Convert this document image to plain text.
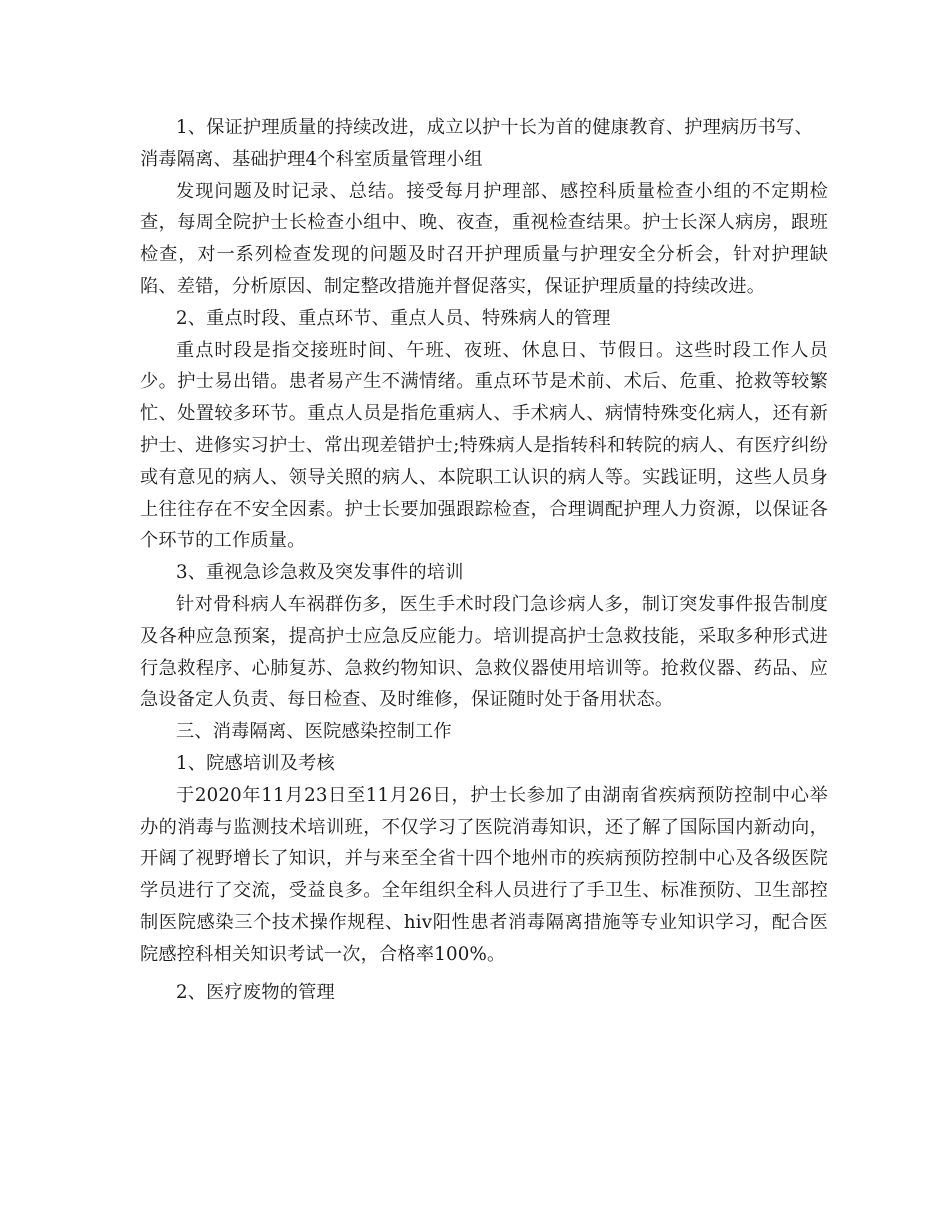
1、保证护理质量的持续改进，成立以护十长为首的健康教育、护理病历书写、消毒隔离、基础护理4个科室质量管理小组

发现问题及时记录、总结。接受每月护理部、感控科质量检查小组的不定期检查，每周全院护士长检查小组中、晚、夜查，重视检查结果。护士长深人病房，跟班检查，对一系列检查发现的问题及时召开护理质量与护理安全分析会，针对护理缺陷、差错，分析原因、制定整改措施并督促落实，保证护理质量的持续改进。

2、重点时段、重点环节、重点人员、特殊病人的管理

重点时段是指交接班时间、午班、夜班、休息日、节假日。这些时段工作人员少。护士易出错。患者易产生不满情绪。重点环节是术前、术后、危重、抢救等较繁忙、处置较多环节。重点人员是指危重病人、手术病人、病情特殊变化病人，还有新护士、进修实习护士、常出现差错护士;特殊病人是指转科和转院的病人、有医疗纠纷或有意见的病人、领导关照的病人、本院职工认识的病人等。实践证明，这些人员身上往往存在不安全因素。护士长要加强跟踪检查，合理调配护理人力资源，以保证各个环节的工作质量。

3、重视急诊急救及突发事件的培训

针对骨科病人车祸群伤多，医生手术时段门急诊病人多，制订突发事件报告制度及各种应急预案，提高护士应急反应能力。培训提高护士急救技能，采取多种形式进行急救程序、心肺复苏、急救约物知识、急救仪器使用培训等。抢救仪器、药品、应急设备定人负责、每日检查、及时维修，保证随时处于备用状态。

三、消毒隔离、医院感染控制工作

1、院感培训及考核

于2020年11月23日至11月26日，护士长参加了由湖南省疾病预防控制中心举办的消毒与监测技术培训班，不仅学习了医院消毒知识，还了解了国际国内新动向，开阔了视野增长了知识，并与来至全省十四个地州市的疾病预防控制中心及各级医院学员进行了交流，受益良多。全年组织全科人员进行了手卫生、标准预防、卫生部控制医院感染三个技术操作规程、hiv阳性患者消毒隔离措施等专业知识学习，配合医院感控科相关知识考试一次，合格率100%。

2、医疗废物的管理
